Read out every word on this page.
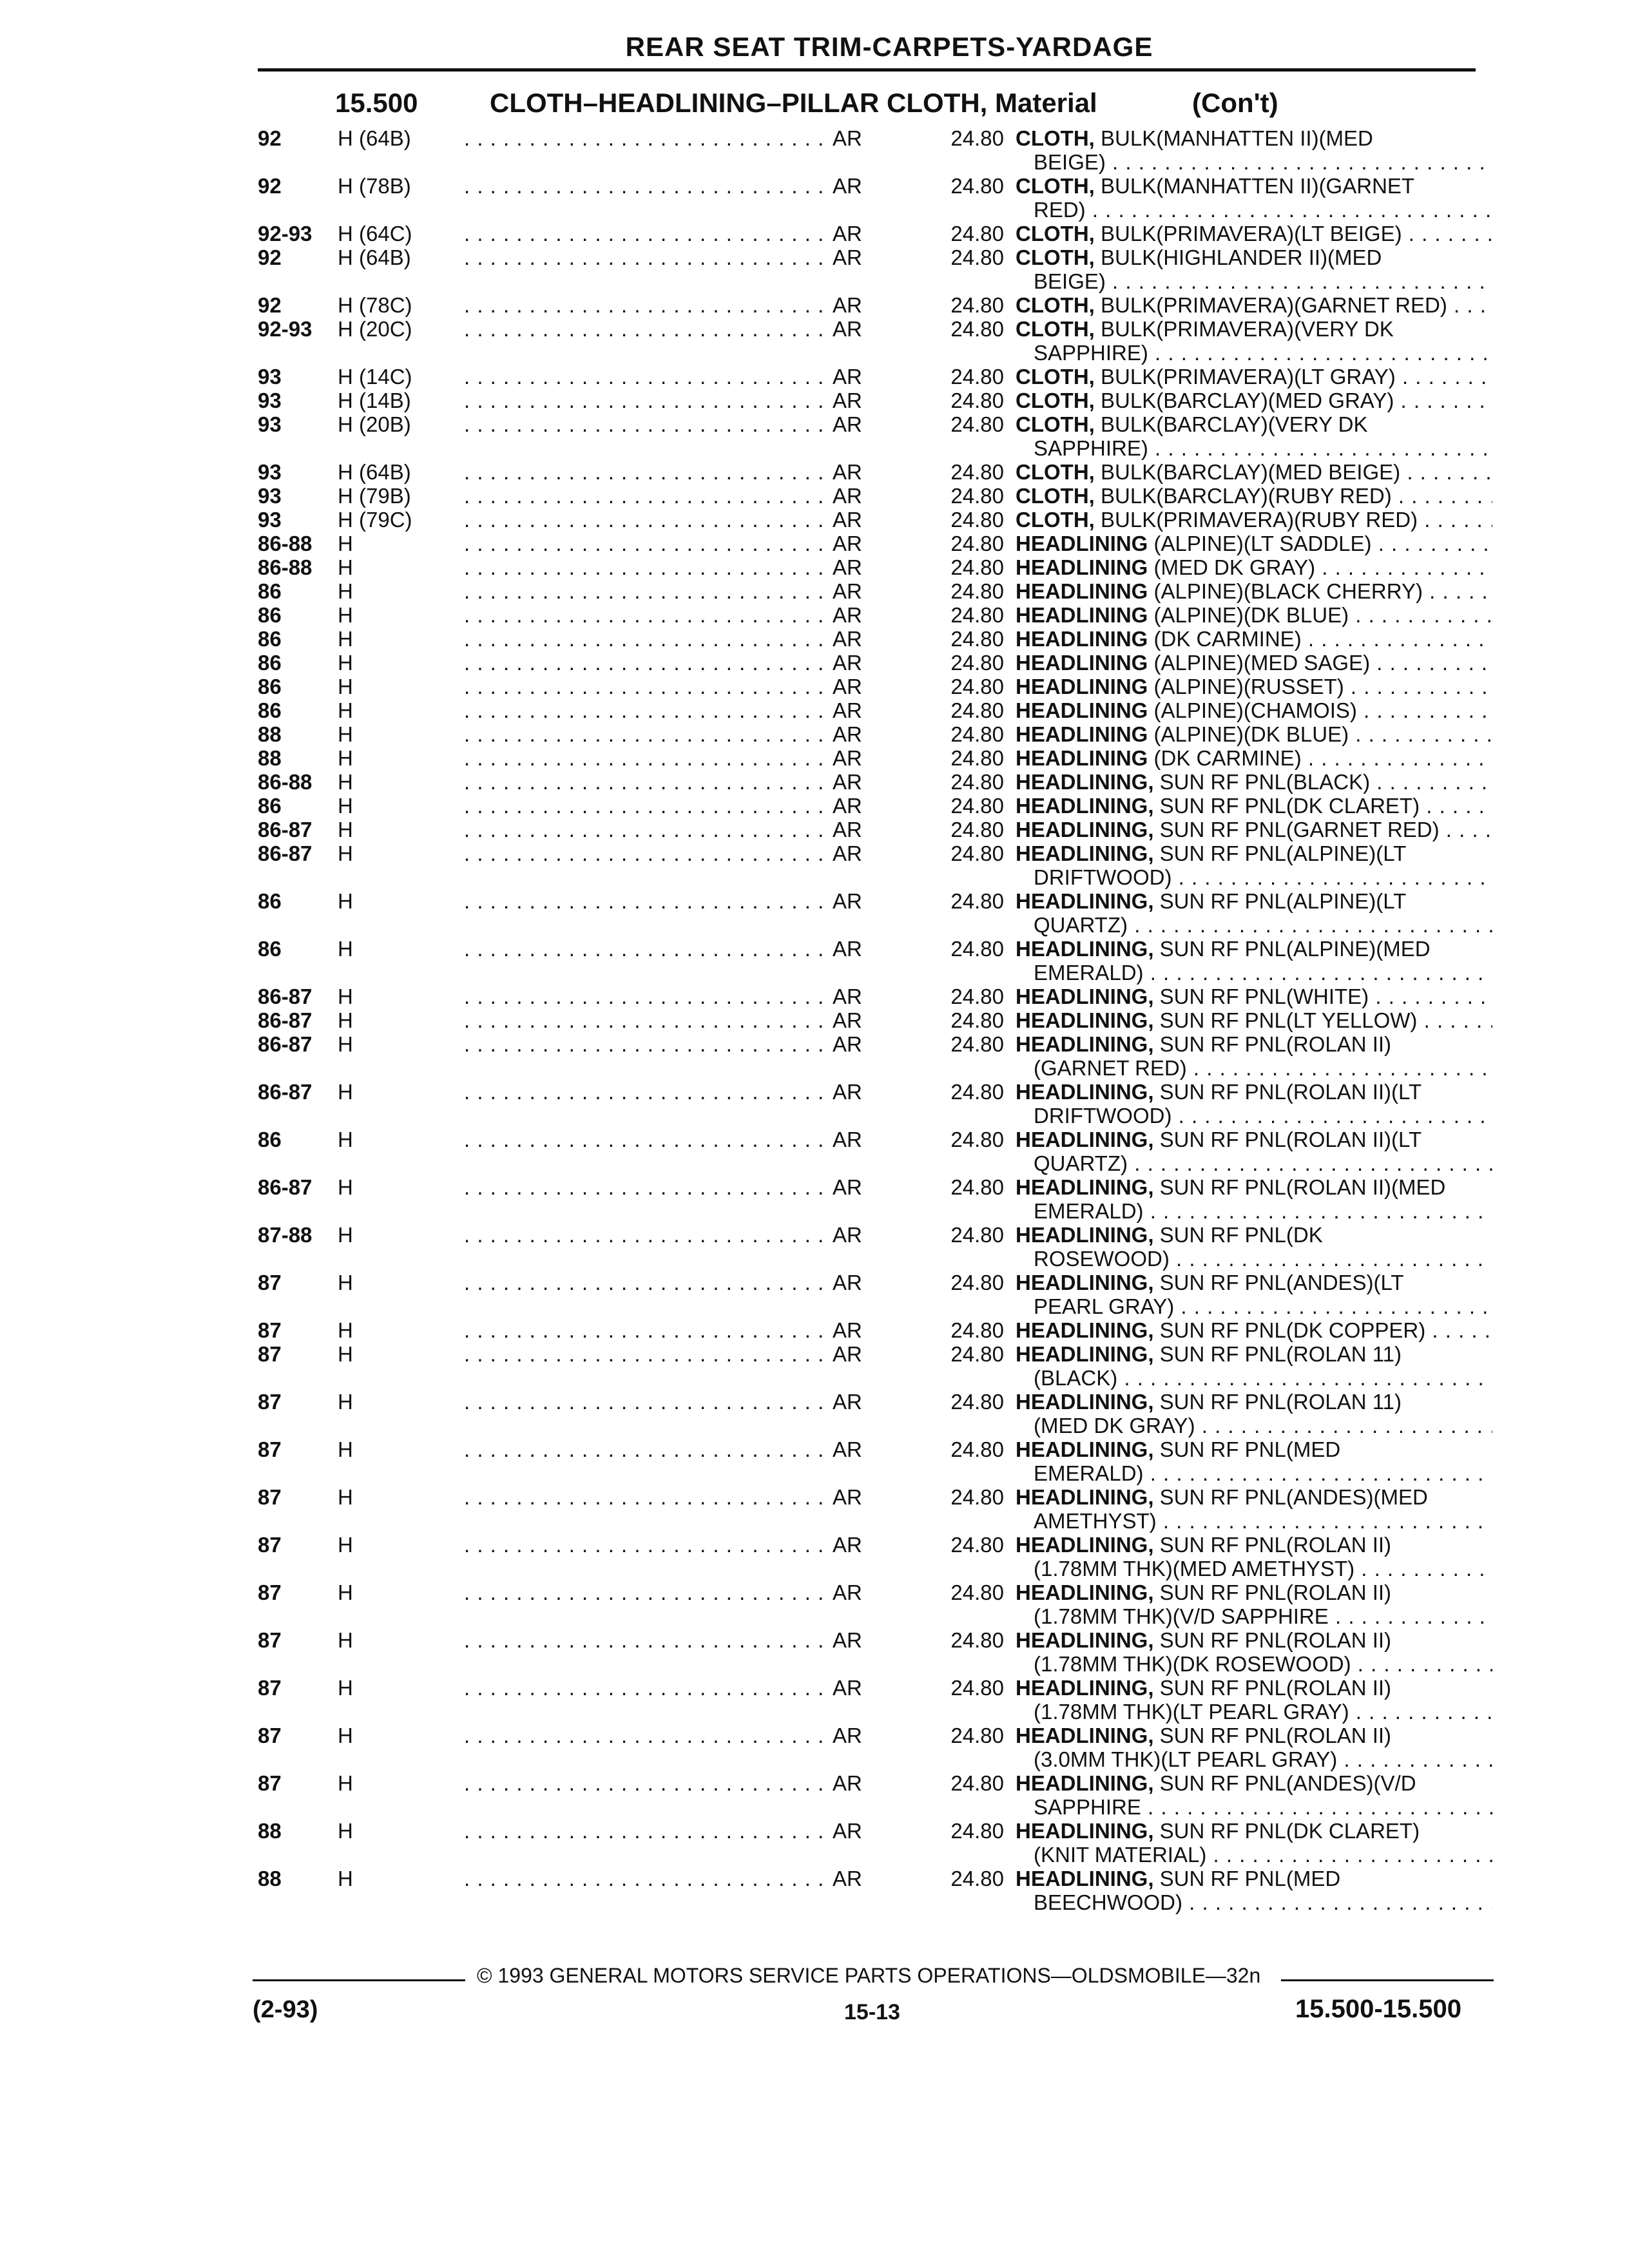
REAR SEAT TRIM-CARPETS-YARDAGE
15.500	CLOTH–HEADLINING–PILLAR CLOTH, Material	(Con't)
92	H (64B) . . .	AR	24.80 CLOTH, BULK(MANHATTEN II)(MED
BEIGE) . . .
92	H (78B) . . .	AR	24.80 CLOTH, BULK(MANHATTEN II)(GARNET
RED) . . .
92-93 H (64C) . . .	AR	24.80 CLOTH, BULK(PRIMAVERA)(LT BEIGE) . . .
92	H (64B) . . .	AR	24.80 CLOTH, BULK(HIGHLANDER II)(MED
BEIGE) . . .
92	H (78C) . . .	AR	24.80 CLOTH, BULK(PRIMAVERA)(GARNET RED) . . .
92-93 H (20C) . . .	AR	24.80 CLOTH, BULK(PRIMAVERA)(VERY DK
SAPPHIRE) . . .
93	H (14C) . . .	AR	24.80 CLOTH, BULK(PRIMAVERA)(LT GRAY) . . .
93	H (14B) . . .	AR	24.80 CLOTH, BULK(BARCLAY)(MED GRAY) . . .
93	H (20B) . . .	AR	24.80 CLOTH, BULK(BARCLAY)(VERY DK
SAPPHIRE) . . .
93	H (64B) . . .	AR	24.80 CLOTH, BULK(BARCLAY)(MED BEIGE) . . .
93	H (79B) . . .	AR	24.80 CLOTH, BULK(BARCLAY)(RUBY RED) . . .
93	H (79C) . . .	AR	24.80 CLOTH, BULK(PRIMAVERA)(RUBY RED) . . .
86-88 H . . .	AR	24.80 HEADLINING (ALPINE)(LT SADDLE) . . .
86-88 H . . .	AR	24.80 HEADLINING (MED DK GRAY) . . .
86	H . . .	AR	24.80 HEADLINING (ALPINE)(BLACK CHERRY) . . .
86	H . . .	AR	24.80 HEADLINING (ALPINE)(DK BLUE) . . .
86	H . . .	AR	24.80 HEADLINING (DK CARMINE) . . .
86	H . . .	AR	24.80 HEADLINING (ALPINE)(MED SAGE) . . .
86	H . . .	AR	24.80 HEADLINING (ALPINE)(RUSSET) . . .
86	H . . .	AR	24.80 HEADLINING (ALPINE)(CHAMOIS) . . .
88	H . . .	AR	24.80 HEADLINING (ALPINE)(DK BLUE) . . .
88	H . . .	AR	24.80 HEADLINING (DK CARMINE) . . .
86-88 H . . .	AR	24.80 HEADLINING, SUN RF PNL(BLACK) . . .
86	H . . .	AR	24.80 HEADLINING, SUN RF PNL(DK CLARET) . . .
86-87 H . . .	AR	24.80 HEADLINING, SUN RF PNL(GARNET RED) . . .
86-87 H . . .	AR	24.80 HEADLINING, SUN RF PNL(ALPINE)(LT
DRIFTWOOD) . . .
86	H . . .	AR	24.80 HEADLINING, SUN RF PNL(ALPINE)(LT
QUARTZ) . . .
86	H . . .	AR	24.80 HEADLINING, SUN RF PNL(ALPINE)(MED
EMERALD) . . .
86-87 H . . .	AR	24.80 HEADLINING, SUN RF PNL(WHITE) . . .
86-87 H . . .	AR	24.80 HEADLINING, SUN RF PNL(LT YELLOW) . . .
86-87 H . . .	AR	24.80 HEADLINING, SUN RF PNL(ROLAN II)
(GARNET RED) . . .
86-87 H . . .	AR	24.80 HEADLINING, SUN RF PNL(ROLAN II)(LT
DRIFTWOOD) . . .
86	H . . .	AR	24.80 HEADLINING, SUN RF PNL(ROLAN II)(LT
QUARTZ) . . .
86-87 H . . .	AR	24.80 HEADLINING, SUN RF PNL(ROLAN II)(MED
EMERALD) . . .
87-88 H . . .	AR	24.80 HEADLINING, SUN RF PNL(DK
ROSEWOOD) . . .
87	H . . .	AR	24.80 HEADLINING, SUN RF PNL(ANDES)(LT
PEARL GRAY) . . .
87	H . . .	AR	24.80 HEADLINING, SUN RF PNL(DK COPPER) . . .
87	H . . .	AR	24.80 HEADLINING, SUN RF PNL(ROLAN 11)
(BLACK) . . .
87	H . . .	AR	24.80 HEADLINING, SUN RF PNL(ROLAN 11)
(MED DK GRAY) . . .
87	H . . .	AR	24.80 HEADLINING, SUN RF PNL(MED
EMERALD) . . .
87	H . . .	AR	24.80 HEADLINING, SUN RF PNL(ANDES)(MED
AMETHYST) . . .
87	H . . .	AR	24.80 HEADLINING, SUN RF PNL(ROLAN II)
(1.78MM THK)(MED AMETHYST) . . .
87	H . . .	AR	24.80 HEADLINING, SUN RF PNL(ROLAN II)
(1.78MM THK)(V/D SAPPHIRE . . .
87	H . . .	AR	24.80 HEADLINING, SUN RF PNL(ROLAN II)
(1.78MM THK)(DK ROSEWOOD) . . .
87	H . . .	AR	24.80 HEADLINING, SUN RF PNL(ROLAN II)
(1.78MM THK)(LT PEARL GRAY) . . .
87	H . . .	AR	24.80 HEADLINING, SUN RF PNL(ROLAN II)
(3.0MM THK)(LT PEARL GRAY) . . .
87	H . . .	AR	24.80 HEADLINING, SUN RF PNL(ANDES)(V/D
SAPPHIRE . . .
88	H . . .	AR	24.80 HEADLINING, SUN RF PNL(DK CLARET)
(KNIT MATERIAL) . . .
88	H . . .	AR	24.80 HEADLINING, SUN RF PNL(MED
BEECHWOOD) . . .
© 1993 GENERAL MOTORS SERVICE PARTS OPERATIONS—OLDSMOBILE—32n
(2-93)	15-13	15.500-15.500
